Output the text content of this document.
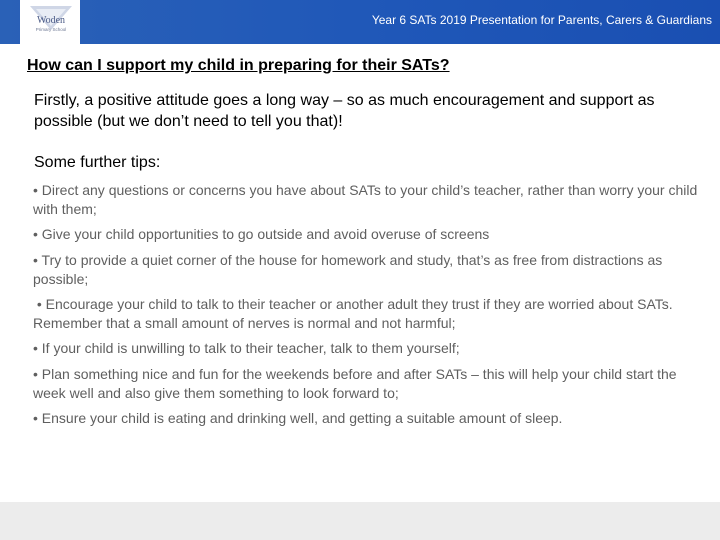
Woden
Primary School
Year 6 SATs 2019 Presentation for Parents, Carers & Guardians
How can I support my child in preparing for their SATs?
Firstly, a positive attitude goes a long way – so as much encouragement and support as possible (but we don’t need to tell you that)!
Some further tips:
• Direct any questions or concerns you have about SATs to your child’s teacher, rather than worry your child with them;
• Give your child opportunities to go outside and avoid overuse of screens
• Try to provide a quiet corner of the house for homework and study, that’s as free from distractions as possible;
• Encourage your child to talk to their teacher or another adult they trust if they are worried about SATs. Remember that a small amount of nerves is normal and not harmful;
• If your child is unwilling to talk to their teacher, talk to them yourself;
• Plan something nice and fun for the weekends before and after SATs – this will help your child start the week well and also give them something to look forward to;
• Ensure your child is eating and drinking well, and getting a suitable amount of sleep.
